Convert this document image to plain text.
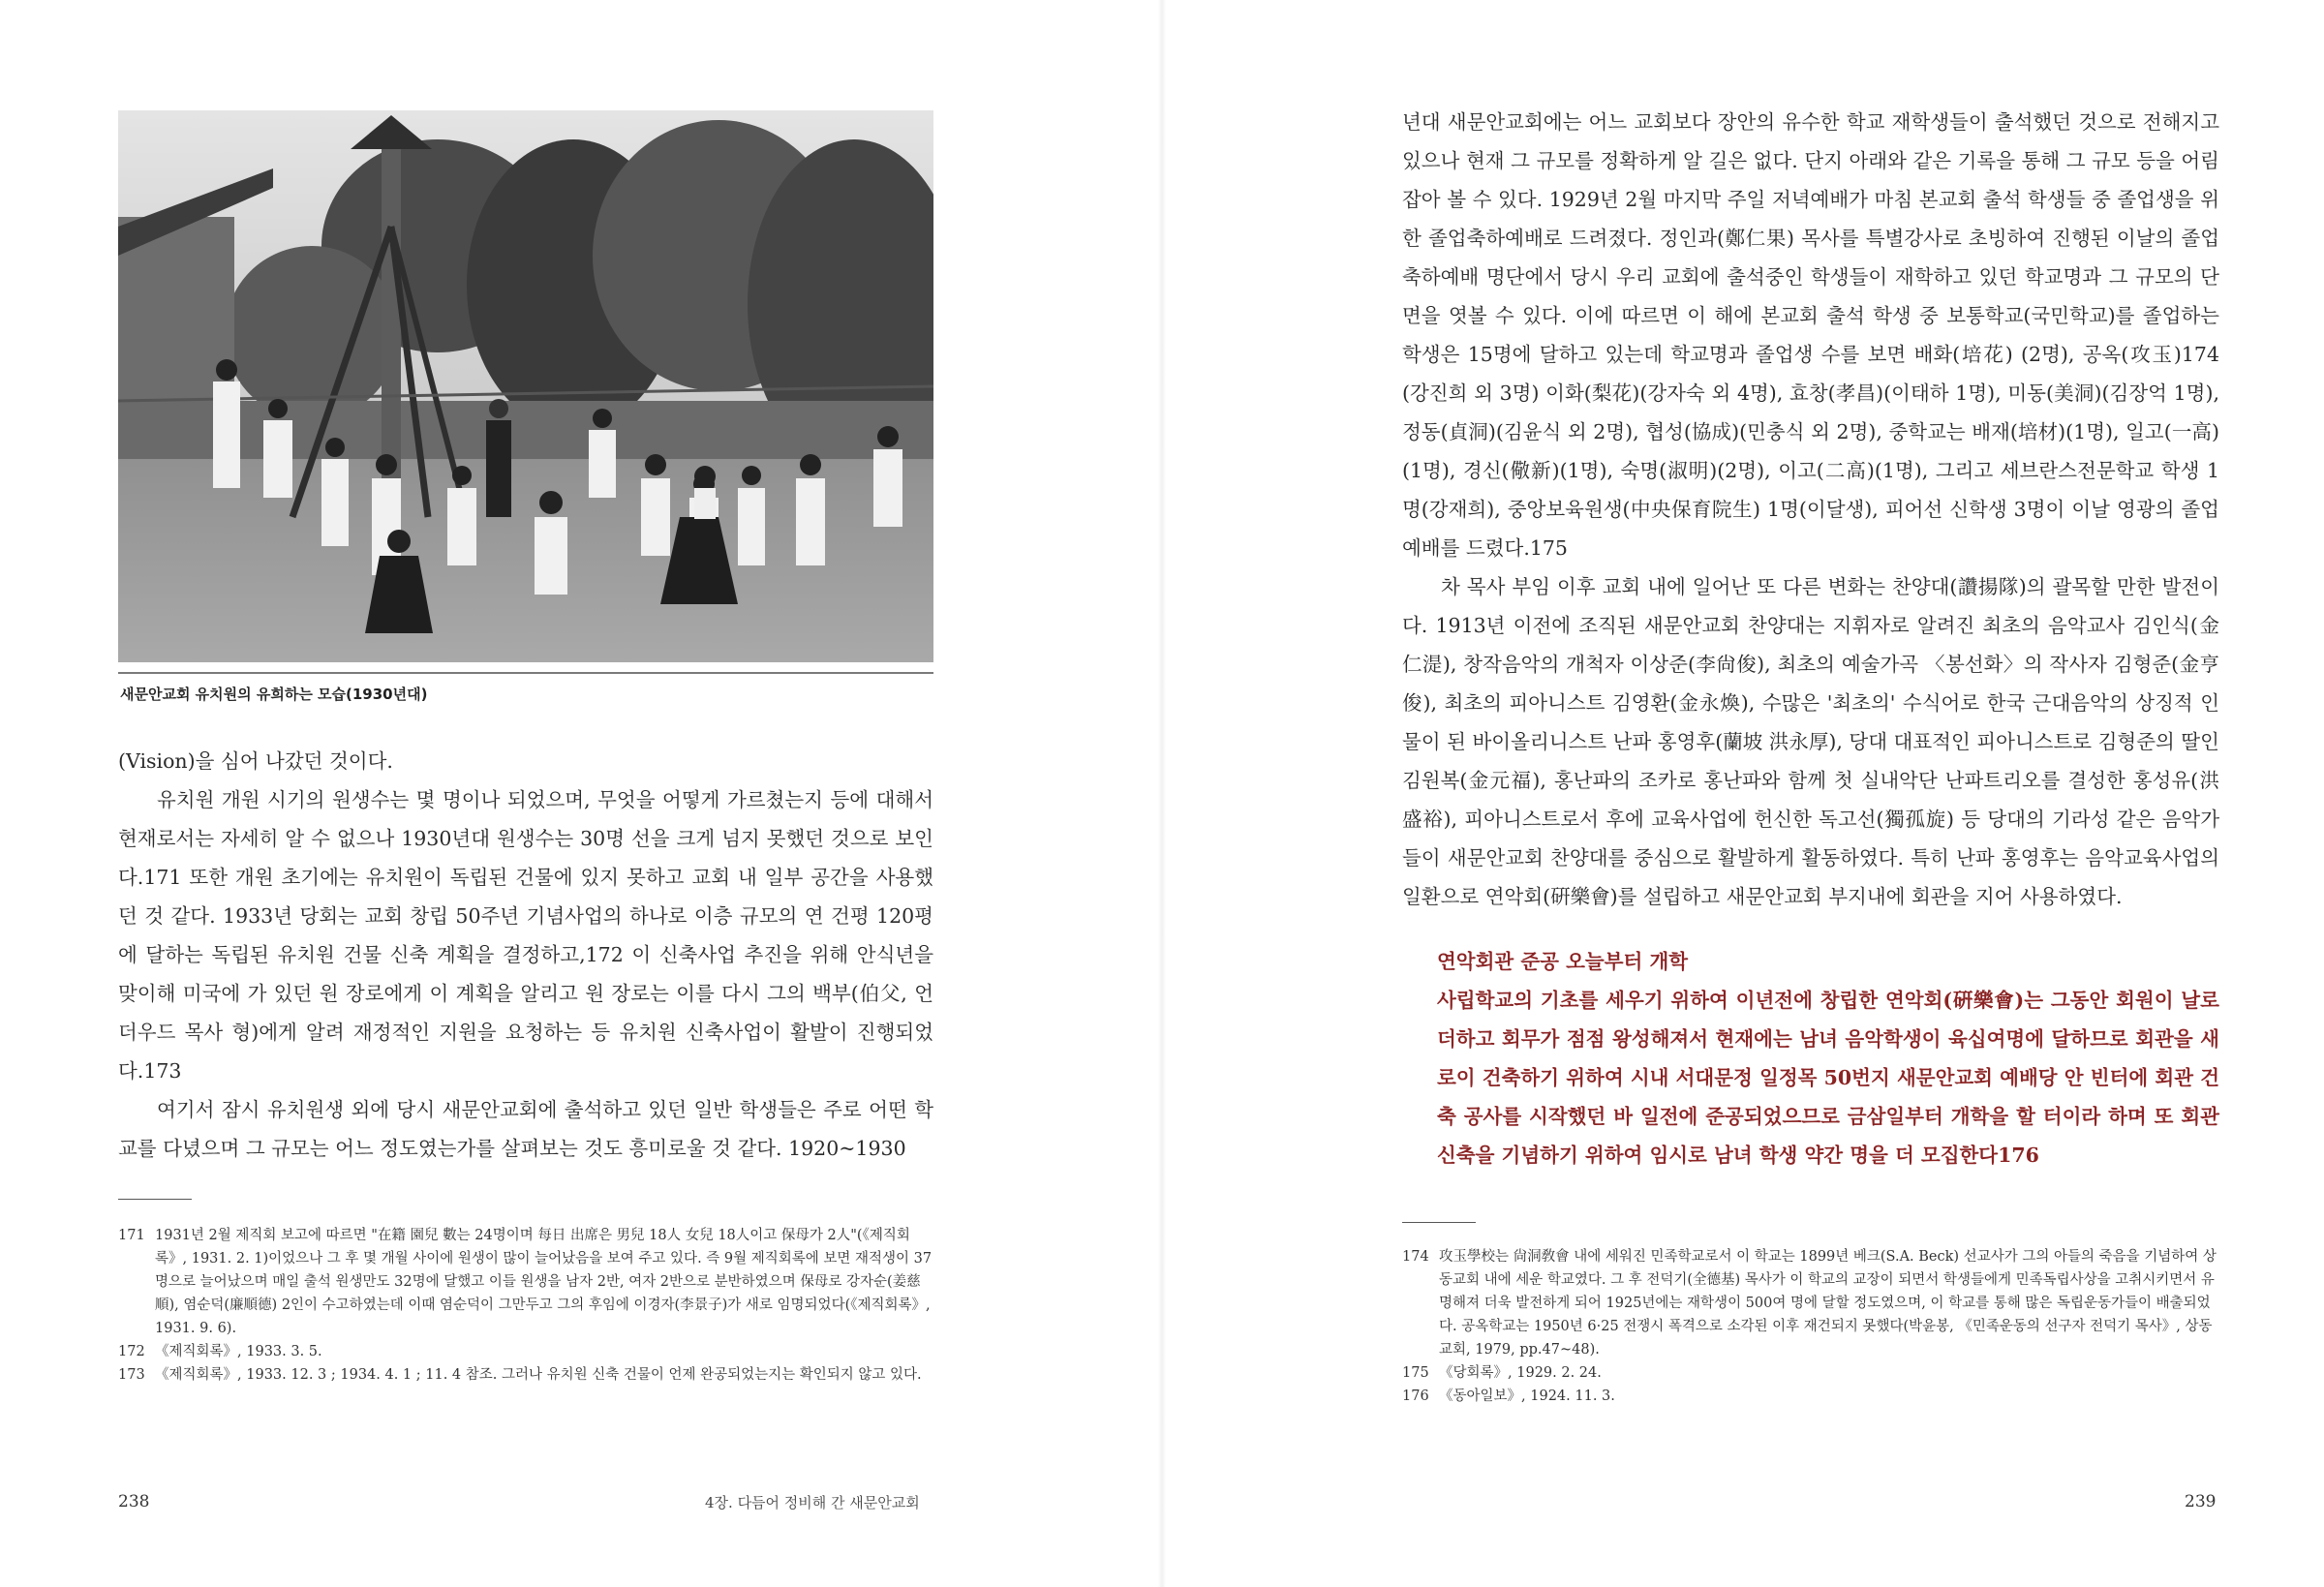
새문안교회 유치원의 유희하는 모습(1930년대)

(Vision)을 심어 나갔던 것이다.

유치원 개원 시기의 원생수는 몇 명이나 되었으며, 무엇을 어떻게 가르쳤는지 등에 대해서 현재로서는 자세히 알 수 없으나 1930년대 원생수는 30명 선을 크게 넘지 못했던 것으로 보인다.171 또한 개원 초기에는 유치원이 독립된 건물에 있지 못하고 교회 내 일부 공간을 사용했던 것 같다. 1933년 당회는 교회 창립 50주년 기념사업의 하나로 이층 규모의 연 건평 120평에 달하는 독립된 유치원 건물 신축 계획을 결정하고,172 이 신축사업 추진을 위해 안식년을 맞이해 미국에 가 있던 원 장로에게 이 계획을 알리고 원 장로는 이를 다시 그의 백부(伯父, 언더우드 목사 형)에게 알려 재정적인 지원을 요청하는 등 유치원 신축사업이 활발이 진행되었다.173

여기서 잠시 유치원생 외에 당시 새문안교회에 출석하고 있던 일반 학생들은 주로 어떤 학교를 다녔으며 그 규모는 어느 정도였는가를 살펴보는 것도 흥미로울 것 같다. 1920~1930

171 1931년 2월 제직회 보고에 따르면 "在籍 園兒 數는 24명이며 每日 出席은 男兒 18人 女兒 18人이고 保母가 2人"(《제직회록》, 1931. 2. 1)이었으나 그 후 몇 개월 사이에 원생이 많이 늘어났음을 보여 주고 있다. 즉 9월 제직회록에 보면 재적생이 37명으로 늘어났으며 매일 출석 원생만도 32명에 달했고 이들 원생을 남자 2반, 여자 2반으로 분반하였으며 保母로 강자순(姜慈順), 염순덕(廉順德) 2인이 수고하였는데 이때 염순덕이 그만두고 그의 후임에 이경자(李景子)가 새로 임명되었다(《제직회록》, 1931. 9. 6).

172 《제직회록》, 1933. 3. 5.

173 《제직회록》, 1933. 12. 3 ; 1934. 4. 1 ; 11. 4 참조. 그러나 유치원 신축 건물이 언제 완공되었는지는 확인되지 않고 있다.

238	4장. 다듬어 정비해 간 새문안교회

년대 새문안교회에는 어느 교회보다 장안의 유수한 학교 재학생들이 출석했던 것으로 전해지고 있으나 현재 그 규모를 정확하게 알 길은 없다. 단지 아래와 같은 기록을 통해 그 규모 등을 어림잡아 볼 수 있다. 1929년 2월 마지막 주일 저녁예배가 마침 본교회 출석 학생들 중 졸업생을 위한 졸업축하예배로 드려졌다. 정인과(鄭仁果) 목사를 특별강사로 초빙하여 진행된 이날의 졸업축하예배 명단에서 당시 우리 교회에 출석중인 학생들이 재학하고 있던 학교명과 그 규모의 단면을 엿볼 수 있다. 이에 따르면 이 해에 본교회 출석 학생 중 보통학교(국민학교)를 졸업하는 학생은 15명에 달하고 있는데 학교명과 졸업생 수를 보면 배화(培花) (2명), 공옥(攻玉)174 (강진희 외 3명) 이화(梨花)(강자숙 외 4명), 효창(孝昌)(이태하 1명), 미동(美洞)(김장억 1명), 정동(貞洞)(김윤식 외 2명), 협성(協成)(민충식 외 2명), 중학교는 배재(培材)(1명), 일고(一高)(1명), 경신(儆新)(1명), 숙명(淑明)(2명), 이고(二高)(1명), 그리고 세브란스전문학교 학생 1명(강재희), 중앙보육원생(中央保育院生) 1명(이달생), 피어선 신학생 3명이 이날 영광의 졸업예배를 드렸다.175

차 목사 부임 이후 교회 내에 일어난 또 다른 변화는 찬양대(讚揚隊)의 괄목할 만한 발전이다. 1913년 이전에 조직된 새문안교회 찬양대는 지휘자로 알려진 최초의 음악교사 김인식(金仁湜), 창작음악의 개척자 이상준(李尙俊), 최초의 예술가곡 〈봉선화〉의 작사자 김형준(金亨俊), 최초의 피아니스트 김영환(金永煥), 수많은 '최초의' 수식어로 한국 근대음악의 상징적 인물이 된 바이올리니스트 난파 홍영후(蘭坡 洪永厚), 당대 대표적인 피아니스트로 김형준의 딸인 김원복(金元福), 홍난파의 조카로 홍난파와 함께 첫 실내악단 난파트리오를 결성한 홍성유(洪盛裕), 피아니스트로서 후에 교육사업에 헌신한 독고선(獨孤旋) 등 당대의 기라성 같은 음악가들이 새문안교회 찬양대를 중심으로 활발하게 활동하였다. 특히 난파 홍영후는 음악교육사업의 일환으로 연악회(硏樂會)를 설립하고 새문안교회 부지내에 회관을 지어 사용하였다.

연악회관 준공 오늘부터 개학

사립학교의 기초를 세우기 위하여 이년전에 창립한 연악회(硏樂會)는 그동안 회원이 날로 더하고 회무가 점점 왕성해져서 현재에는 남녀 음악학생이 육십여명에 달하므로 회관을 새로이 건축하기 위하여 시내 서대문정 일정목 50번지 새문안교회 예배당 안 빈터에 회관 건축 공사를 시작했던 바 일전에 준공되었으므로 금삼일부터 개학을 할 터이라 하며 또 회관신축을 기념하기 위하여 임시로 남녀 학생 약간 명을 더 모집한다176

174 攻玉學校는 尙洞敎會 내에 세워진 민족학교로서 이 학교는 1899년 베크(S.A. Beck) 선교사가 그의 아들의 죽음을 기념하여 상동교회 내에 세운 학교였다. 그 후 전덕기(全德基) 목사가 이 학교의 교장이 되면서 학생들에게 민족독립사상을 고취시키면서 유명해져 더욱 발전하게 되어 1925년에는 재학생이 500여 명에 달할 정도였으며, 이 학교를 통해 많은 독립운동가들이 배출되었다. 공옥학교는 1950년 6·25 전쟁시 폭격으로 소각된 이후 재건되지 못했다(박윤봉, 《민족운동의 선구자 전덕기 목사》, 상동교회, 1979, pp.47~48).

175 《당회록》, 1929. 2. 24.

176 《동아일보》, 1924. 11. 3.

239
